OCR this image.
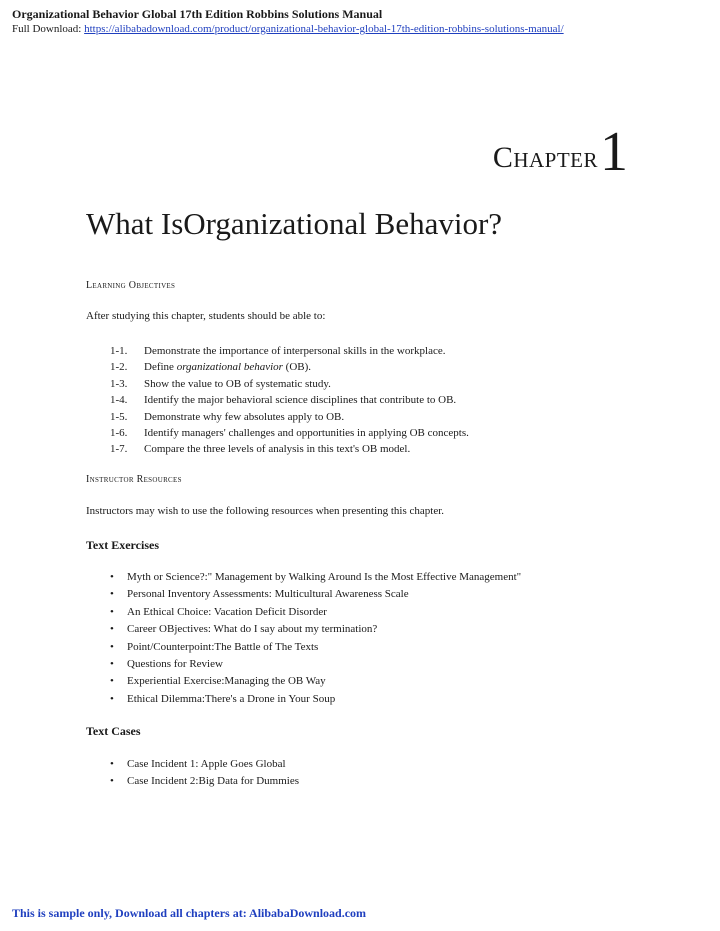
Organizational Behavior Global 17th Edition Robbins Solutions Manual
Full Download: https://alibabadownload.com/product/organizational-behavior-global-17th-edition-robbins-solutions-manual/
Chapter1
What IsOrganizational Behavior?
Learning Objectives
After studying this chapter, students should be able to:
1-1. Demonstrate the importance of interpersonal skills in the workplace.
1-2. Define organizational behavior (OB).
1-3. Show the value to OB of systematic study.
1-4. Identify the major behavioral science disciplines that contribute to OB.
1-5. Demonstrate why few absolutes apply to OB.
1-6. Identify managers' challenges and opportunities in applying OB concepts.
1-7. Compare the three levels of analysis in this text's OB model.
Instructor Resources
Instructors may wish to use the following resources when presenting this chapter.
Text Exercises
• Myth or Science?:" Management by Walking Around Is the Most Effective Management"
• Personal Inventory Assessments: Multicultural Awareness Scale
• An Ethical Choice: Vacation Deficit Disorder
• Career OBjectives: What do I say about my termination?
• Point/Counterpoint:The Battle of The Texts
• Questions for Review
• Experiential Exercise:Managing the OB Way
• Ethical Dilemma:There's a Drone in Your Soup
Text Cases
• Case Incident 1: Apple Goes Global
• Case Incident 2:Big Data for Dummies
This is sample only, Download all chapters at: AlibabaDownload.com
